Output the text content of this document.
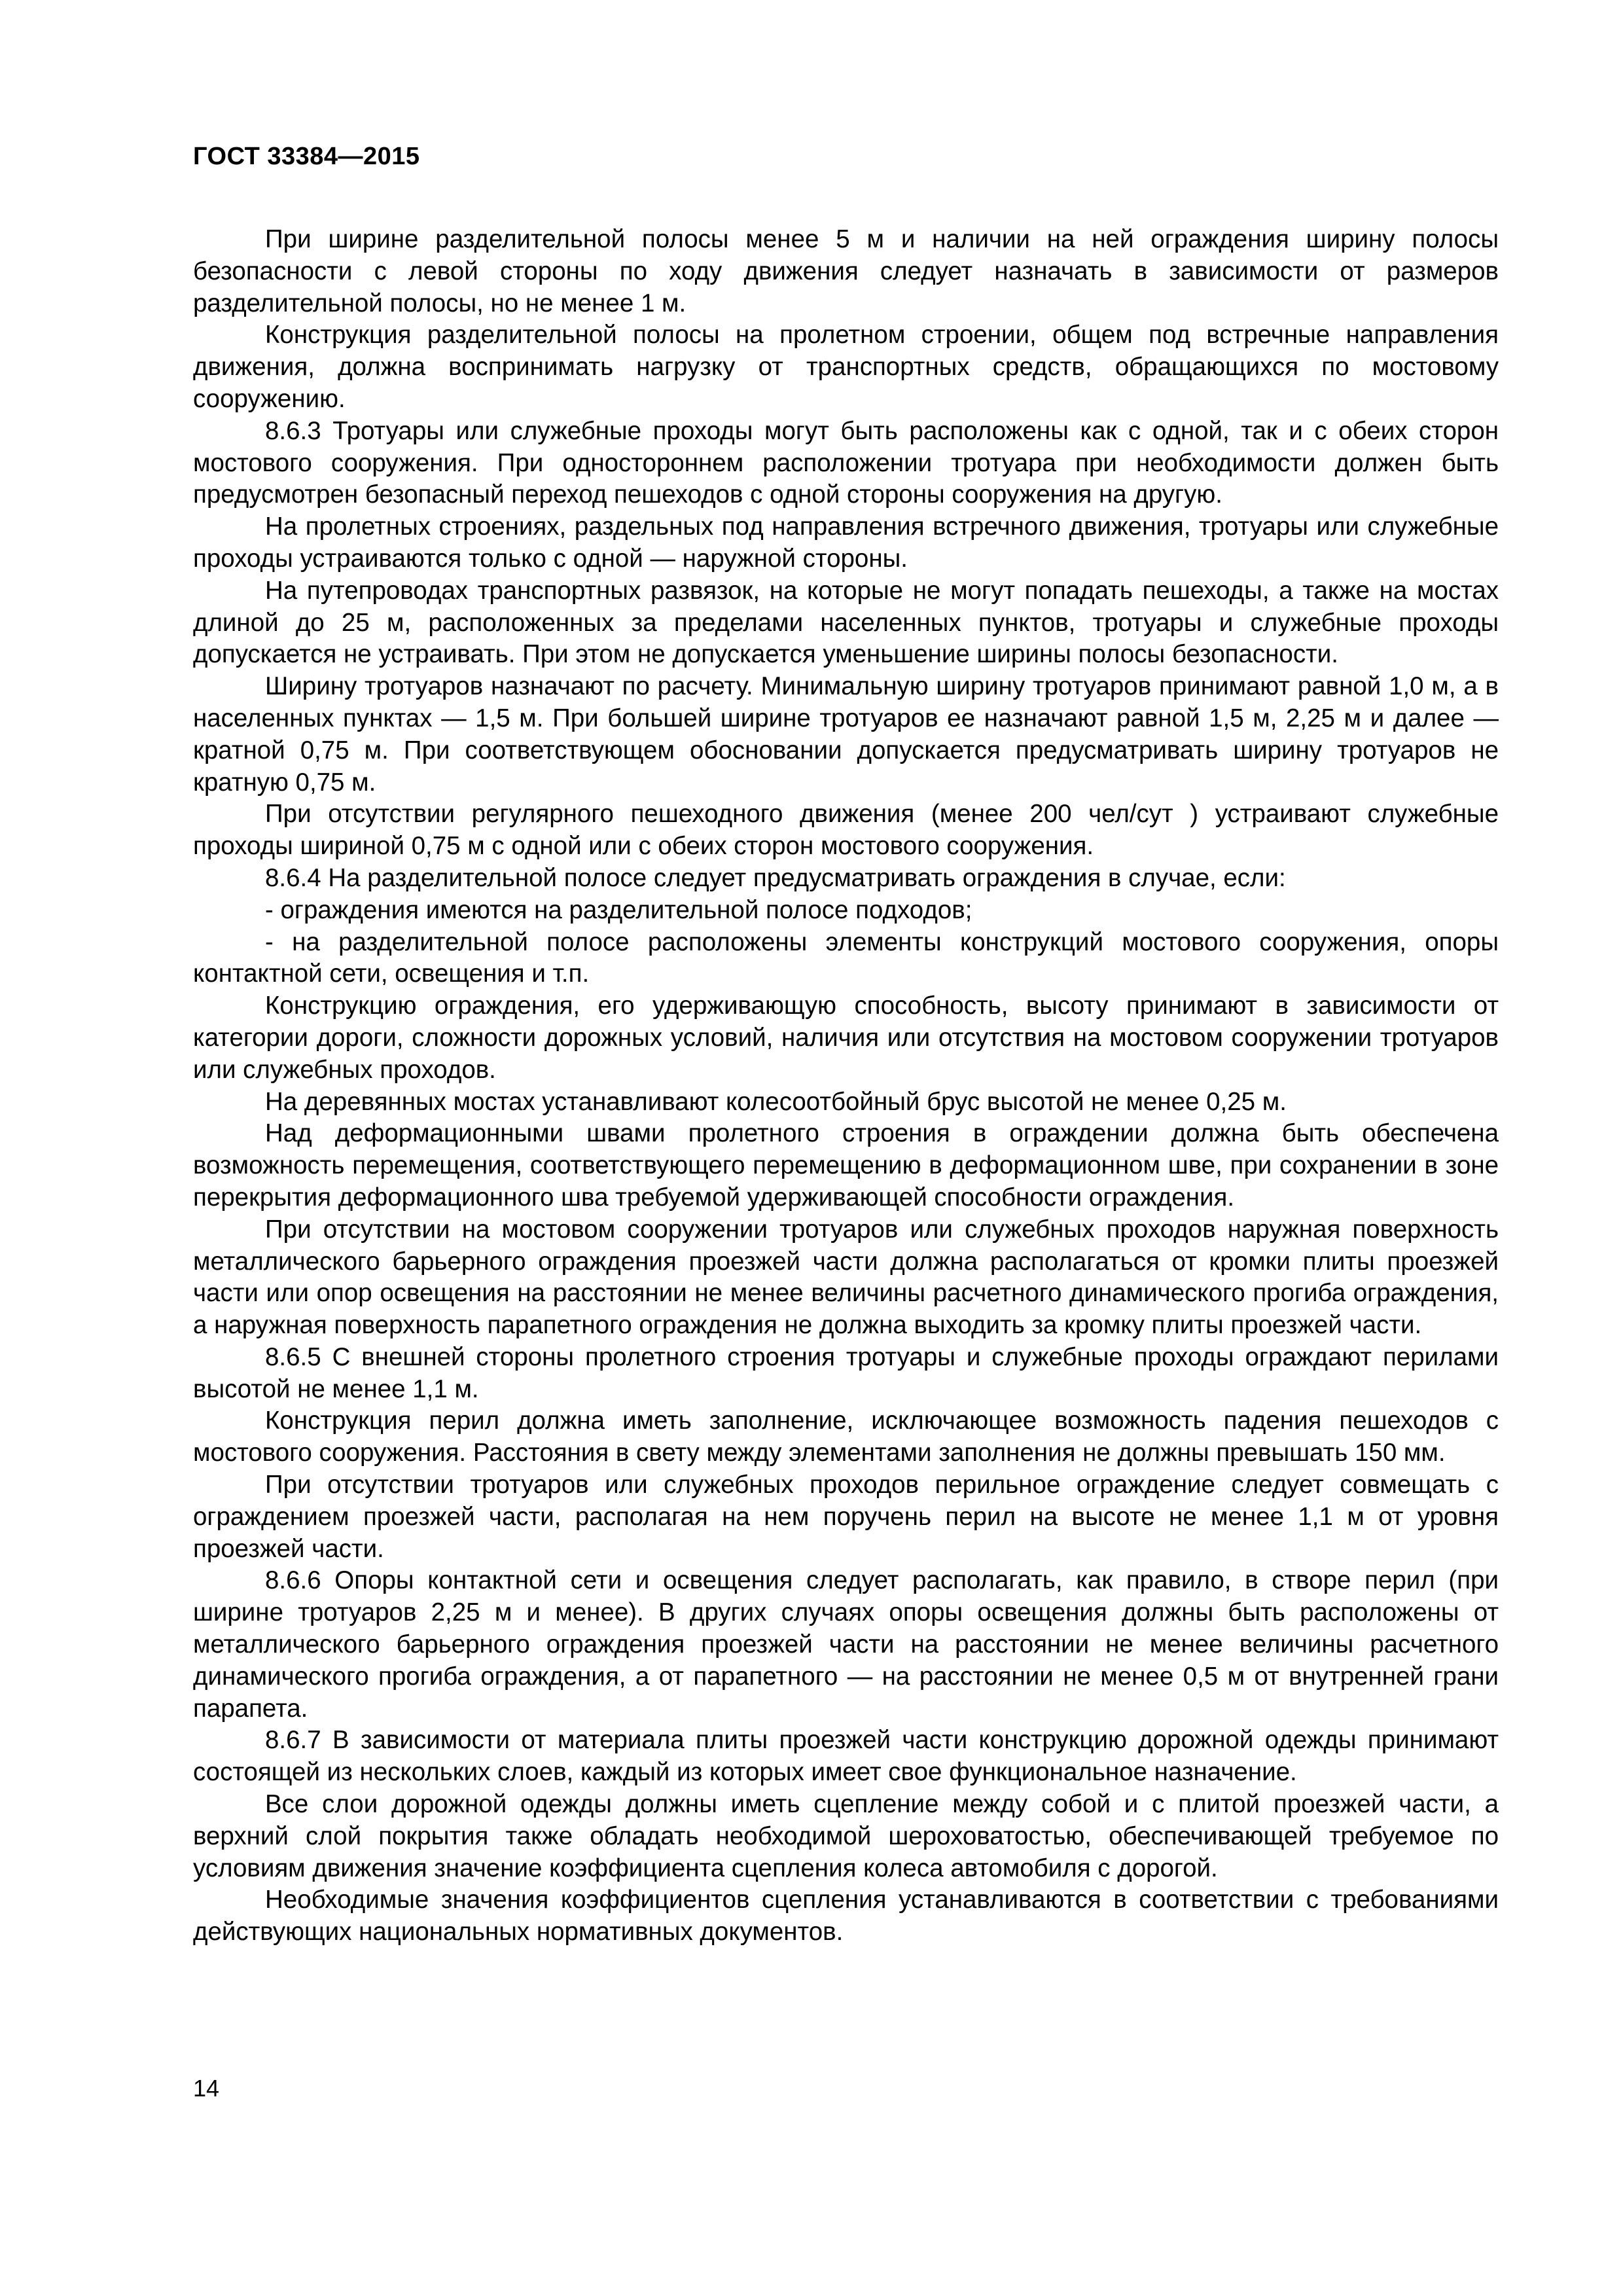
ГОСТ 33384—2015

При ширине разделительной полосы менее 5 м и наличии на ней ограждения ширину полосы безопасности с левой стороны по ходу движения следует назначать в зависимости от размеров разделительной полосы, но не менее 1 м.

Конструкция разделительной полосы на пролетном строении, общем под встречные направления движения, должна воспринимать нагрузку от транспортных средств, обращающихся по мостовому сооружению.

8.6.3 Тротуары или служебные проходы могут быть расположены как с одной, так и с обеих сторон мостового сооружения. При одностороннем расположении тротуара при необходимости должен быть предусмотрен безопасный переход пешеходов с одной стороны сооружения на другую.

На пролетных строениях, раздельных под направления встречного движения, тротуары или служебные проходы устраиваются только с одной — наружной стороны.

На путепроводах транспортных развязок, на которые не могут попадать пешеходы, а также на мостах длиной до 25 м, расположенных за пределами населенных пунктов, тротуары и служебные проходы допускается не устраивать. При этом не допускается уменьшение ширины полосы безопасности.

Ширину тротуаров назначают по расчету. Минимальную ширину тротуаров принимают равной 1,0 м, а в населенных пунктах — 1,5 м. При большей ширине тротуаров ее назначают равной 1,5 м, 2,25 м и далее — кратной 0,75 м. При соответствующем обосновании допускается предусматривать ширину тротуаров не кратную 0,75 м.

При отсутствии регулярного пешеходного движения (менее 200 чел/сут ) устраивают служебные проходы шириной 0,75 м с одной или с обеих сторон мостового сооружения.

8.6.4 На разделительной полосе следует предусматривать ограждения в случае, если:

- ограждения имеются на разделительной полосе подходов;

- на разделительной полосе расположены элементы конструкций мостового сооружения, опоры контактной сети, освещения и т.п.

Конструкцию ограждения, его удерживающую способность, высоту принимают в зависимости от категории дороги, сложности дорожных условий, наличия или отсутствия на мостовом сооружении тротуаров или служебных проходов.

На деревянных мостах устанавливают колесоотбойный брус высотой не менее 0,25 м.

Над деформационными швами пролетного строения в ограждении должна быть обеспечена возможность перемещения, соответствующего перемещению в деформационном шве, при сохранении в зоне перекрытия деформационного шва требуемой удерживающей способности ограждения.

При отсутствии на мостовом сооружении тротуаров или служебных проходов наружная поверхность металлического барьерного ограждения проезжей части должна располагаться от кромки плиты проезжей части или опор освещения на расстоянии не менее величины расчетного динамического прогиба ограждения, а наружная поверхность парапетного ограждения не должна выходить за кромку плиты проезжей части.

8.6.5 С внешней стороны пролетного строения тротуары и служебные проходы ограждают перилами высотой не менее 1,1 м.

Конструкция перил должна иметь заполнение, исключающее возможность падения пешеходов с мостового сооружения. Расстояния в свету между элементами заполнения не должны превышать 150 мм.

При отсутствии тротуаров или служебных проходов перильное ограждение следует совмещать с ограждением проезжей части, располагая на нем поручень перил на высоте не менее 1,1 м от уровня проезжей части.

8.6.6 Опоры контактной сети и освещения следует располагать, как правило, в створе перил (при ширине тротуаров 2,25 м и менее). В других случаях опоры освещения должны быть расположены от металлического барьерного ограждения проезжей части на расстоянии не менее величины расчетного динамического прогиба ограждения, а от парапетного — на расстоянии не менее 0,5 м от внутренней грани парапета.

8.6.7 В зависимости от материала плиты проезжей части конструкцию дорожной одежды принимают состоящей из нескольких слоев, каждый из которых имеет свое функциональное назначение.

Все слои дорожной одежды должны иметь сцепление между собой и с плитой проезжей части, а верхний слой покрытия также обладать необходимой шероховатостью, обеспечивающей требуемое по условиям движения значение коэффициента сцепления колеса автомобиля с дорогой.

Необходимые значения коэффициентов сцепления устанавливаются в соответствии с требованиями действующих национальных нормативных документов.

14
